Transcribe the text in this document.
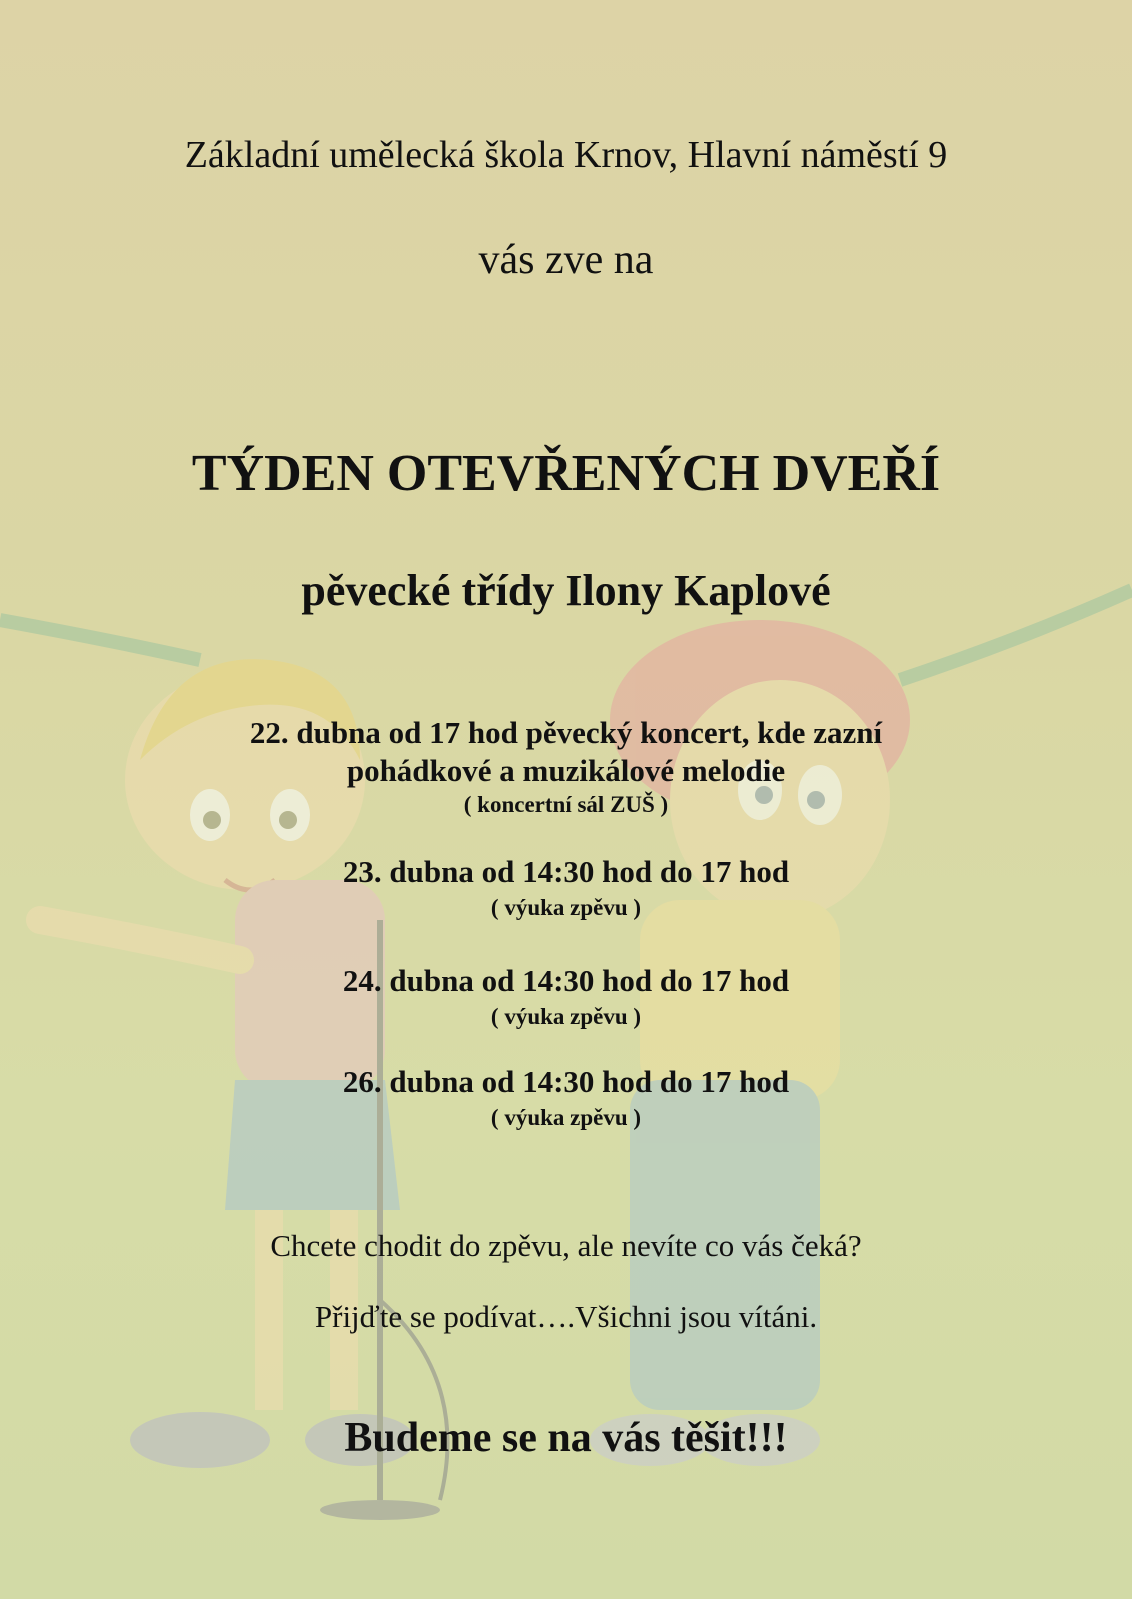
Základní umělecká škola Krnov, Hlavní náměstí 9
vás zve na
TÝDEN OTEVŘENÝCH DVEŘÍ
pěvecké třídy Ilony Kaplové
22. dubna od 17 hod pěvecký koncert, kde zazní
pohádkové a muzikálové melodie
( koncertní sál ZUŠ )
23. dubna od 14:30 hod do 17 hod
( výuka zpěvu )
24. dubna od 14:30 hod do 17 hod
( výuka zpěvu )
26. dubna od 14:30 hod do 17 hod
( výuka zpěvu )
Chcete chodit do zpěvu, ale nevíte co vás čeká?
Přijďte se podívat….Všichni jsou vítáni.
Budeme se na vás těšit!!!
